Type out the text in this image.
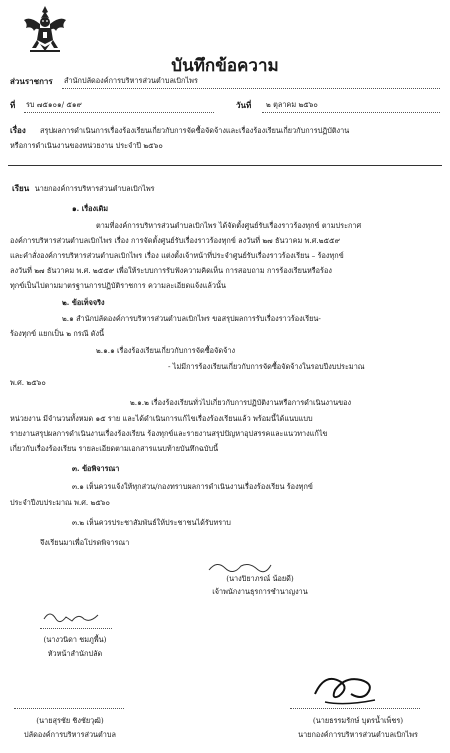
บันทึกข้อความ
ส่วนราชการ สำนักปลัดองค์การบริหารส่วนตำบลเบิกไพร
ที่ รบ ๗๕๑๐๑/ ๕๑๙	วันที่ ๒ ตุลาคม ๒๕๖๐
เรื่อง สรุปผลการดำเนินการเรื่องร้องเรียนเกี่ยวกับการจัดซื้อจัดจ้างและเรื่องร้องเรียนเกี่ยวกับการปฏิบัติงาน
หรือการดำเนินงานของหน่วยงาน ประจำปี ๒๕๖๐
เรียน นายกองค์การบริหารส่วนตำบลเบิกไพร
๑. เรื่องเดิม
ตามที่องค์การบริหารส่วนตำบลเบิกไพร ได้จัดตั้งศูนย์รับเรื่องราวร้องทุกข์ ตามประกาศ
องค์การบริหารส่วนตำบลเบิกไพร เรื่อง การจัดตั้งศูนย์รับเรื่องราวร้องทุกข์ ลงวันที่ ๒๗ ธันวาคม พ.ศ.๒๕๕๙
และคำสั่งองค์การบริหารส่วนตำบลเบิกไพร เรื่อง แต่งตั้งเจ้าหน้าที่ประจำศูนย์รับเรื่องราวร้องเรียน – ร้องทุกข์
ลงวันที่ ๒๗ ธันวาคม พ.ศ. ๒๕๕๙ เพื่อให้ระบบการรับฟังความคิดเห็น การสอบถาม การร้องเรียนหรือร้อง
ทุกข์เป็นไปตามมาตรฐานการปฏิบัติราชการ ความละเอียดแจ้งแล้วนั้น
๒. ข้อเท็จจริง
๒.๑ สำนักปลัดองค์การบริหารส่วนตำบลเบิกไพร ขอสรุปผลการรับเรื่องราวร้องเรียน-
ร้องทุกข์ แยกเป็น ๒ กรณี ดังนี้
๒.๑.๑ เรื่องร้องเรียนเกี่ยวกับการจัดซื้อจัดจ้าง
- ไม่มีการร้องเรียนเกี่ยวกับการจัดซื้อจัดจ้างในรอบปีงบประมาณ
พ.ศ. ๒๕๖๐
๒.๑.๒ เรื่องร้องเรียนทั่วไปเกี่ยวกับการปฏิบัติงานหรือการดำเนินงานของ
หน่วยงาน มีจำนวนทั้งหมด ๑๕ ราย และได้ดำเนินการแก้ไขเรื่องร้องเรียนแล้ว พร้อมนี้ได้แนบแบบ
รายงานสรุปผลการดำเนินงานเรื่องร้องเรียน ร้องทุกข์และรายงานสรุปปัญหาอุปสรรคและแนวทางแก้ไข
เกี่ยวกับเรื่องร้องเรียน รายละเอียดตามเอกสารแนบท้ายบันทึกฉบับนี้
๓. ข้อพิจารณา
๓.๑ เห็นควรแจ้งให้ทุกส่วน/กองทราบผลการดำเนินงานเรื่องร้องเรียน ร้องทุกข์
ประจำปีงบประมาณ พ.ศ. ๒๕๖๐
๓.๒ เห็นควรประชาสัมพันธ์ให้ประชาชนได้รับทราบ
จึงเรียนมาเพื่อโปรดพิจารณา
(นางปิยาภรณ์ น้อยดี)
เจ้าพนักงานธุรการชำนาญงาน
(นางวนิดา ชมภูพื้น)
หัวหน้าสำนักปลัด
(นายสุรชัย ชิงชัยวุฒิ)
ปลัดองค์การบริหารส่วนตำบล
(นายธรรมรักษ์ บุตรน้ำเพ็ชร)
นายกองค์การบริหารส่วนตำบลเบิกไพร
